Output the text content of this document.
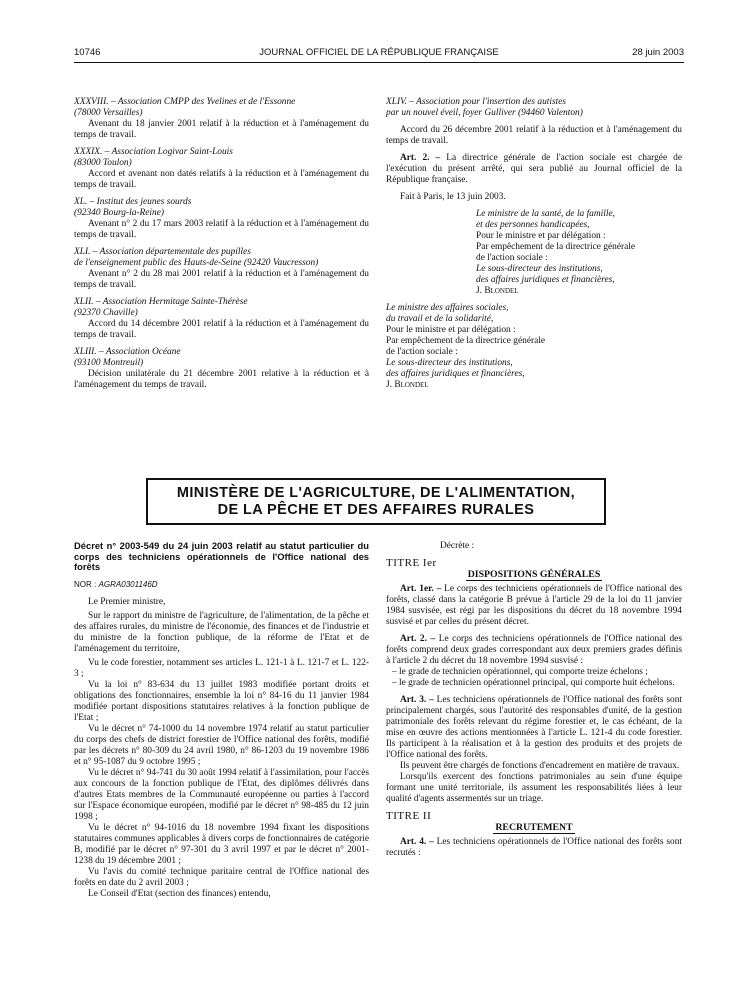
10746	JOURNAL OFFICIEL DE LA RÉPUBLIQUE FRANÇAISE	28 juin 2003

XXXVIII. – Association CMPP des Yvelines et de l'Essonne

(78000 Versailles)

Avenant du 18 janvier 2001 relatif à la réduction et à l'aménagement du temps de travail.

XXXIX. – Association Logivar Saint-Louis

(83000 Toulon)

Accord et avenant non datés relatifs à la réduction et à l'aménagement du temps de travail.

XL. – Institut des jeunes sourds

(92340 Bourg-la-Reine)

Avenant n° 2 du 17 mars 2003 relatif à la réduction et à l'aménagement du temps de travail.

XLI. – Association départementale des pupilles

de l'enseignement public des Hauts-de-Seine (92420 Vaucresson)

Avenant n° 2 du 28 mai 2001 relatif à la réduction et à l'aménagement du temps de travail.

XLII. – Association Hermitage Sainte-Thérèse

(92370 Chaville)

Accord du 14 décembre 2001 relatif à la réduction et à l'aménagement du temps de travail.

XLIII. – Association Océane

(93100 Montreuil)

Décision unilatérale du 21 décembre 2001 relative à la réduction et à l'aménagement du temps de travail.

XLIV. – Association pour l'insertion des autistes

par un nouvel éveil, foyer Gulliver (94460 Valenton)

Accord du 26 décembre 2001 relatif à la réduction et à l'aménagement du temps de travail.

Art. 2. – La directrice générale de l'action sociale est chargée de l'exécution du présent arrêté, qui sera publié au Journal officiel de la République française.

Fait à Paris, le 13 juin 2003.

Le ministre de la santé, de la famille,

et des personnes handicapées,

Pour le ministre et par délégation :

Par empêchement de la directrice générale

de l'action sociale :

Le sous-directeur des institutions,

des affaires juridiques et financières,

J. Blondel

Le ministre des affaires sociales,

du travail et de la solidarité,

Pour le ministre et par délégation :

Par empêchement de la directrice générale

de l'action sociale :

Le sous-directeur des institutions,

des affaires juridiques et financières,

J. Blondel

MINISTÈRE DE L'AGRICULTURE, DE L'ALIMENTATION,
DE LA PÊCHE ET DES AFFAIRES RURALES

Décret n° 2003-549 du 24 juin 2003 relatif au statut particulier du corps des techniciens opérationnels de l'Office national des forêts

NOR : AGRA0301146D

Le Premier ministre,

Sur le rapport du ministre de l'agriculture, de l'alimentation, de la pêche et des affaires rurales, du ministre de l'économie, des finances et de l'industrie et du ministre de la fonction publique, de la réforme de l'Etat et de l'aménagement du territoire,

Vu le code forestier, notamment ses articles L. 121-1 à L. 121-7 et L. 122-3 ;

Vu la loi n° 83-634 du 13 juillet 1983 modifiée portant droits et obligations des fonctionnaires, ensemble la loi n° 84-16 du 11 janvier 1984 modifiée portant dispositions statutaires relatives à la fonction publique de l'Etat ;

Vu le décret n° 74-1000 du 14 novembre 1974 relatif au statut particulier du corps des chefs de district forestier de l'Office national des forêts, modifié par les décrets n° 80-309 du 24 avril 1980, n° 86-1203 du 19 novembre 1986 et n° 95-1087 du 9 octobre 1995 ;

Vu le décret n° 94-741 du 30 août 1994 relatif à l'assimilation, pour l'accès aux concours de la fonction publique de l'Etat, des diplômes délivrés dans d'autres Etats membres de la Communauté européenne ou parties à l'accord sur l'Espace économique européen, modifié par le décret n° 98-485 du 12 juin 1998 ;

Vu le décret n° 94-1016 du 18 novembre 1994 fixant les dispositions statutaires communes applicables à divers corps de fonctionnaires de catégorie B, modifié par le décret n° 97-301 du 3 avril 1997 et par le décret n° 2001-1238 du 19 décembre 2001 ;

Vu l'avis du comité technique paritaire central de l'Office national des forêts en date du 2 avril 2003 ;

Le Conseil d'Etat (section des finances) entendu,

Décrète :

TITRE Ier

DISPOSITIONS GÉNÉRALES

Art. 1er. – Le corps des techniciens opérationnels de l'Office national des forêts, classé dans la catégorie B prévue à l'article 29 de la loi du 11 janvier 1984 susvisée, est régi par les dispositions du décret du 18 novembre 1994 susvisé et par celles du présent décret.

Art. 2. – Le corps des techniciens opérationnels de l'Office national des forêts comprend deux grades correspondant aux deux premiers grades définis à l'article 2 du décret du 18 novembre 1994 susvisé :

– le grade de technicien opérationnel, qui comporte treize échelons ;

– le grade de technicien opérationnel principal, qui comporte huit échelons.

Art. 3. – Les techniciens opérationnels de l'Office national des forêts sont principalement chargés, sous l'autorité des responsables d'unité, de la gestion patrimoniale des forêts relevant du régime forestier et, le cas échéant, de la mise en œuvre des actions mentionnées à l'article L. 121-4 du code forestier. Ils participent à la réalisation et à la gestion des produits et des projets de l'Office national des forêts.

Ils peuvent être chargés de fonctions d'encadrement en matière de travaux.

Lorsqu'ils exercent des fonctions patrimoniales au sein d'une équipe formant une unité territoriale, ils assument les responsabilités liées à leur qualité d'agents assermentés sur un triage.

TITRE II

RECRUTEMENT

Art. 4. – Les techniciens opérationnels de l'Office national des forêts sont recrutés :
